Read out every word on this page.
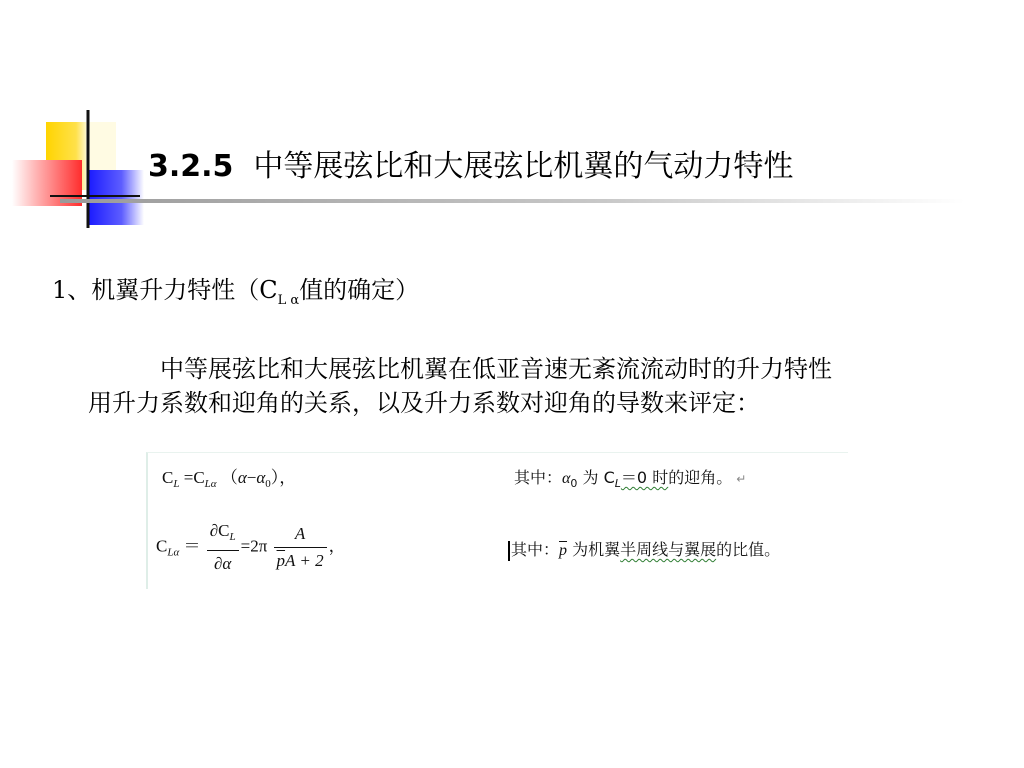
3.2.5 中等展弦比和大展弦比机翼的气动力特性
1、机翼升力特性（$C_{L \alpha}$值的确定）
中等展弦比和大展弦比机翼在低亚音速无紊流流动时的升力特性
用升力系数和迎角的关系，以及升力系数对迎角的导数来评定：
$C_L =C_{L\alpha}$ $(\alpha-\alpha_0)$，	其中：$\alpha_0$ 为 $C_L=0$ 时的迎角。 ↵
$C_{L\alpha} = \frac{\partial C_L}{\partial\alpha} =2\pi \frac{A}{\overline{p}A + 2}$ ，	其中：$\overline{p}$ 为机翼半周线与翼展的比值。
